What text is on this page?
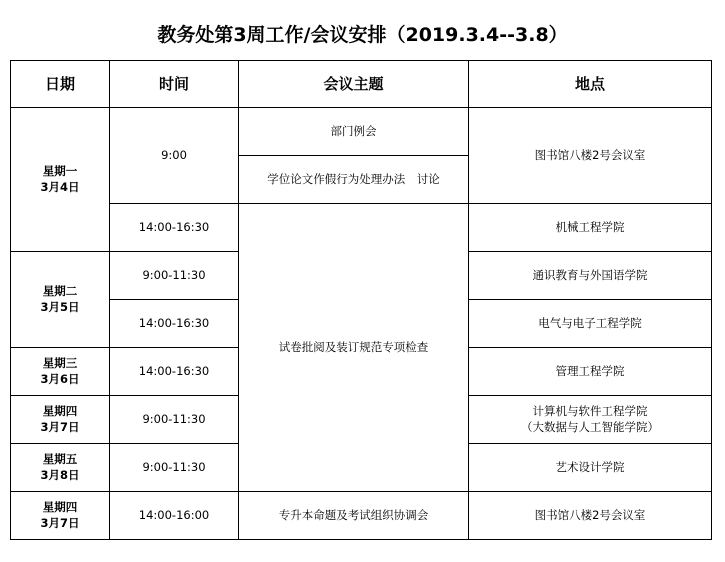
教务处第3周工作/会议安排（2019.3.4--3.8）
日期	时间	会议主题	地点

星期一
3月4日	9:00	部门例会	图书馆八楼2号会议室

		学位论文作假行为处理办法　讨论	
	14:00-16:30	试卷批阅及装订规范专项检查	机械工程学院

星期二
3月5日	9:00-11:30		通识教育与外国语学院

	14:00-16:30		电气与电子工程学院

星期三
3月6日	14:00-16:30		管理工程学院

星期四
3月7日	9:00-11:30		计算机与软件工程学院
（大数据与人工智能学院）

星期五
3月8日	9:00-11:30		艺术设计学院

星期四
3月7日	14:00-16:00	专升本命题及考试组织协调会	图书馆八楼2号会议室
